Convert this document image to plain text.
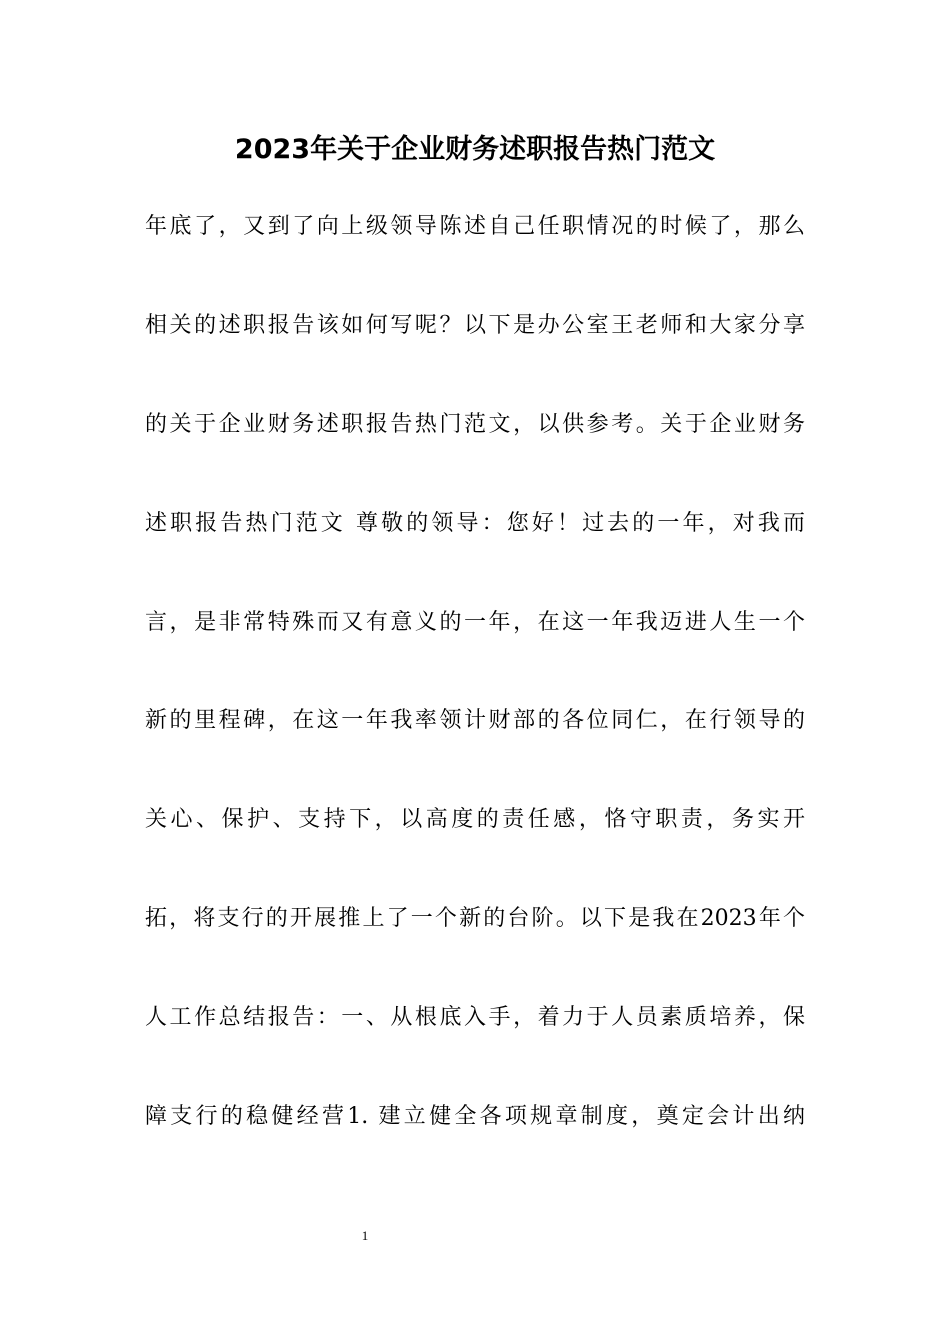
2023年关于企业财务述职报告热门范文
年底了，又到了向上级领导陈述自己任职情况的时候了，那么
相关的述职报告该如何写呢？以下是办公室王老师和大家分享
的关于企业财务述职报告热门范文，以供参考。关于企业财务
述职报告热门范文 尊敬的领导：您好！过去的一年，对我而
言，是非常特殊而又有意义的一年，在这一年我迈进人生一个
新的里程碑，在这一年我率领计财部的各位同仁，在行领导的
关心、保护、支持下，以高度的责任感，恪守职责，务实开
拓，将支行的开展推上了一个新的台阶。以下是我在2023年个
人工作总结报告：一、从根底入手，着力于人员素质培养，保
障支行的稳健经营1. 建立健全各项规章制度，奠定会计出纳
1
